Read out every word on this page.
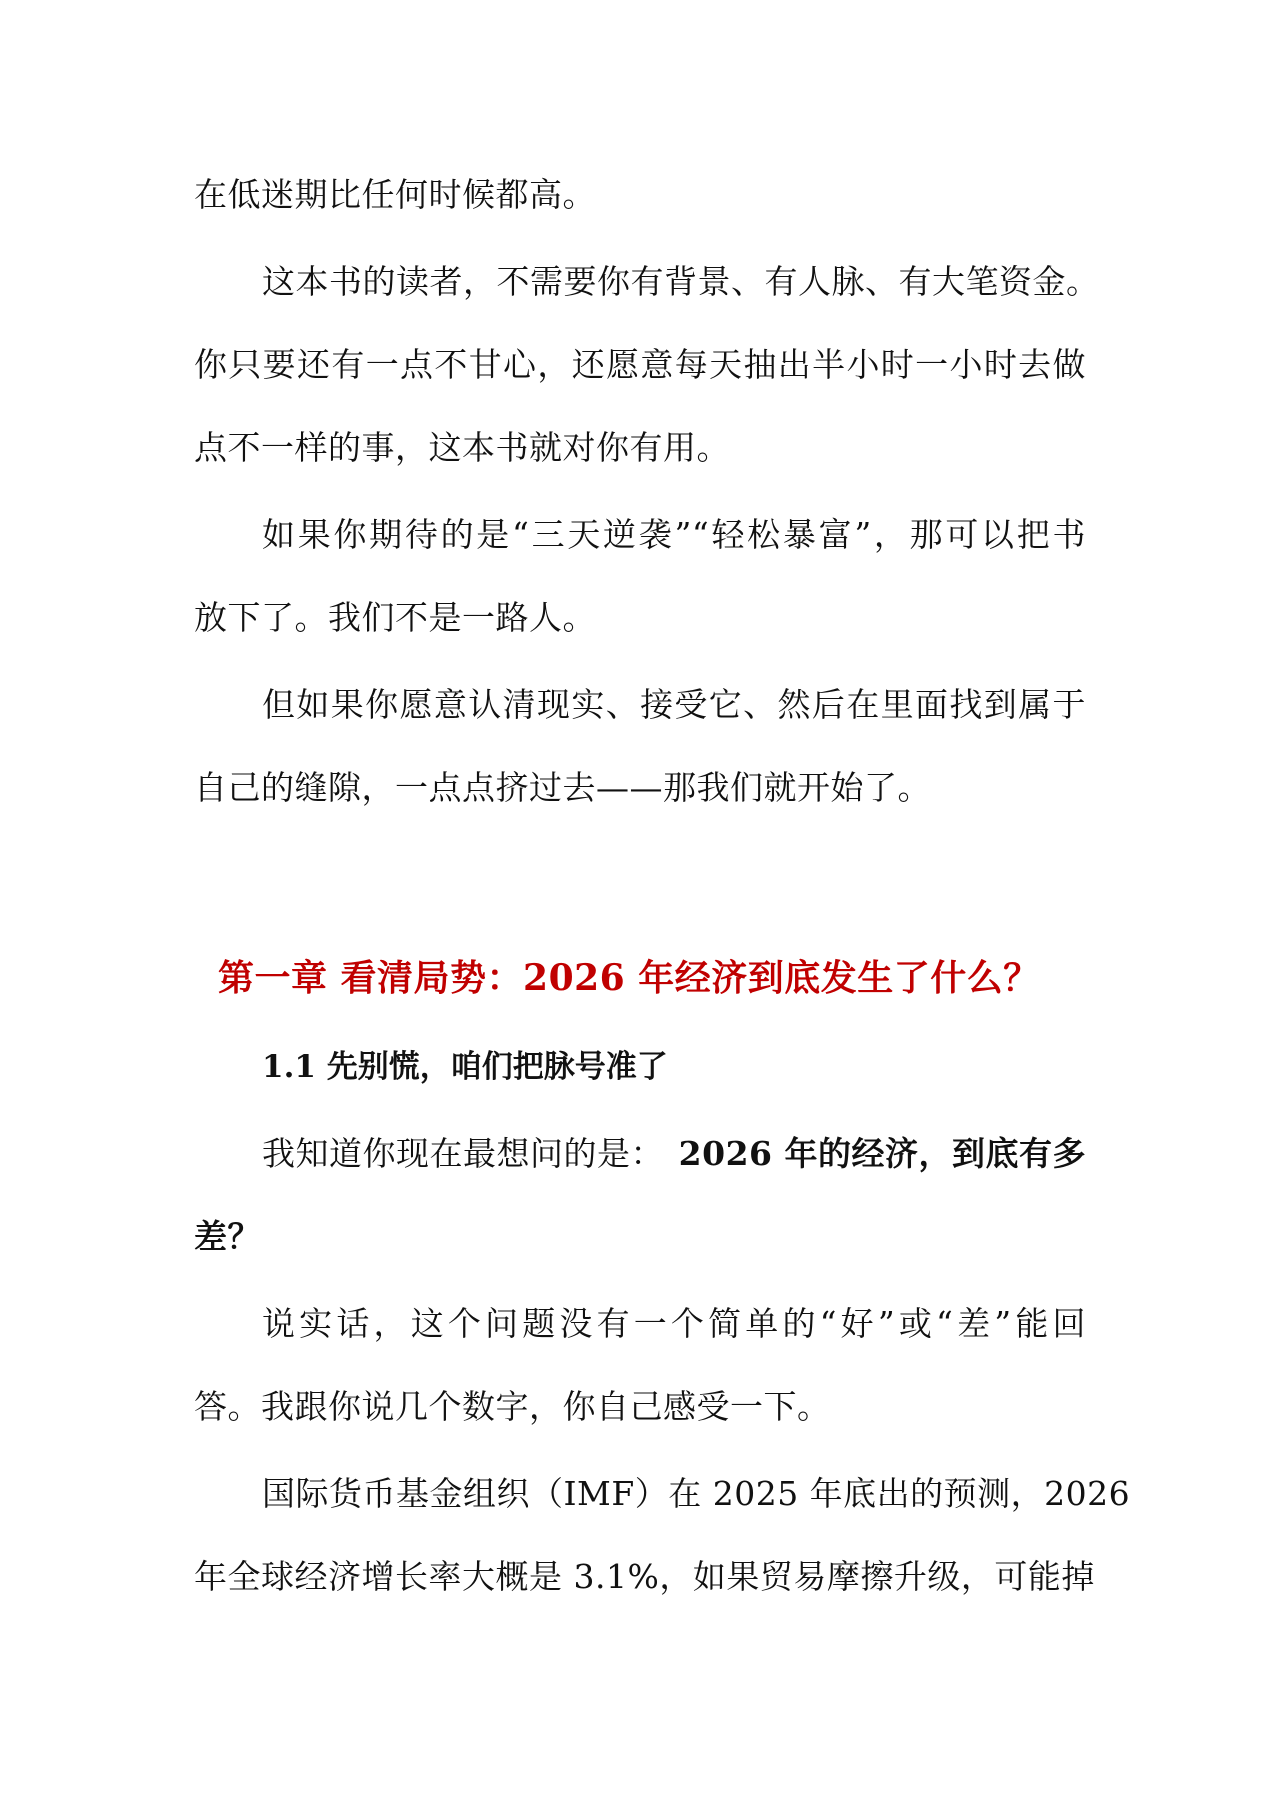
在低迷期比任何时候都高。
这本书的读者，不需要你有背景、有人脉、有大笔资金。
你只要还有一点不甘心，还愿意每天抽出半小时一小时去做
点不一样的事，这本书就对你有用。
如果你期待的是“三天逆袭”“轻松暴富”，那可以把书
放下了。我们不是一路人。
但如果你愿意认清现实、接受它、然后在里面找到属于
自己的缝隙，一点点挤过去——那我们就开始了。
第一章 看清局势：2026 年经济到底发生了什么？
1.1 先别慌，咱们把脉号准了
我知道你现在最想问的是： 2026 年的经济，到底有多
差？
说实话，这个问题没有一个简单的“好”或“差”能回
答。我跟你说几个数字，你自己感受一下。
国际货币基金组织（IMF）在 2025 年底出的预测，2026
年全球经济增长率大概是 3.1%，如果贸易摩擦升级，可能掉
